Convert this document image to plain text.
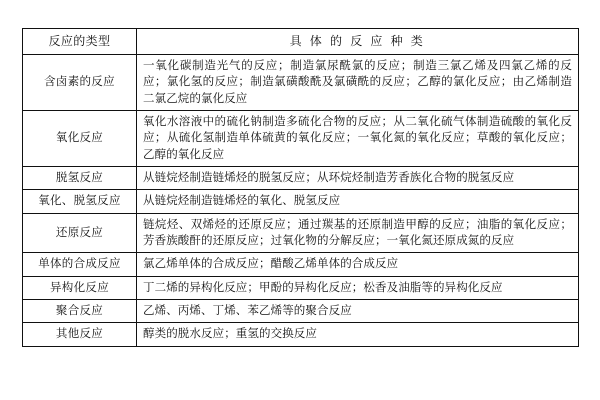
反应的类型	具 体 的 反 应 种 类
含卤素的反应	一氧化碳制造光气的反应；制造氯尿酰氯的反应；制造三氯乙烯及四氯乙烯的反应；氯化氢的反应；制造氯磺酸酰及氯磺酰的反应；乙醇的氯化反应；由乙烯制造二氯乙烷的氯化反应
氧化反应	氧化水溶液中的硫化钠制造多硫化合物的反应；从二氧化硫气体制造硫酸的氧化反应；从硫化氢制造单体硫黄的氧化反应；一氧化氮的氧化反应；草酸的氧化反应；乙醇的氧化反应
脱氢反应	从链烷烃制造链烯烃的脱氢反应；从环烷烃制造芳香族化合物的脱氢反应
氧化、脱氢反应	从链烷烃制造链烯烃的氧化、脱氢反应
还原反应	链烷烃、双烯烃的还原反应；通过羰基的还原制造甲醇的反应；油脂的氧化反应；芳香族酸酐的还原反应；过氧化物的分解反应；一氧化氮还原成氮的反应
单体的合成反应	氯乙烯单体的合成反应；醋酸乙烯单体的合成反应
异构化反应	丁二烯的异构化反应；甲酚的异构化反应；松香及油脂等的异构化反应
聚合反应	乙烯、丙烯、丁烯、苯乙烯等的聚合反应
其他反应	醇类的脱水反应；重氢的交换反应
